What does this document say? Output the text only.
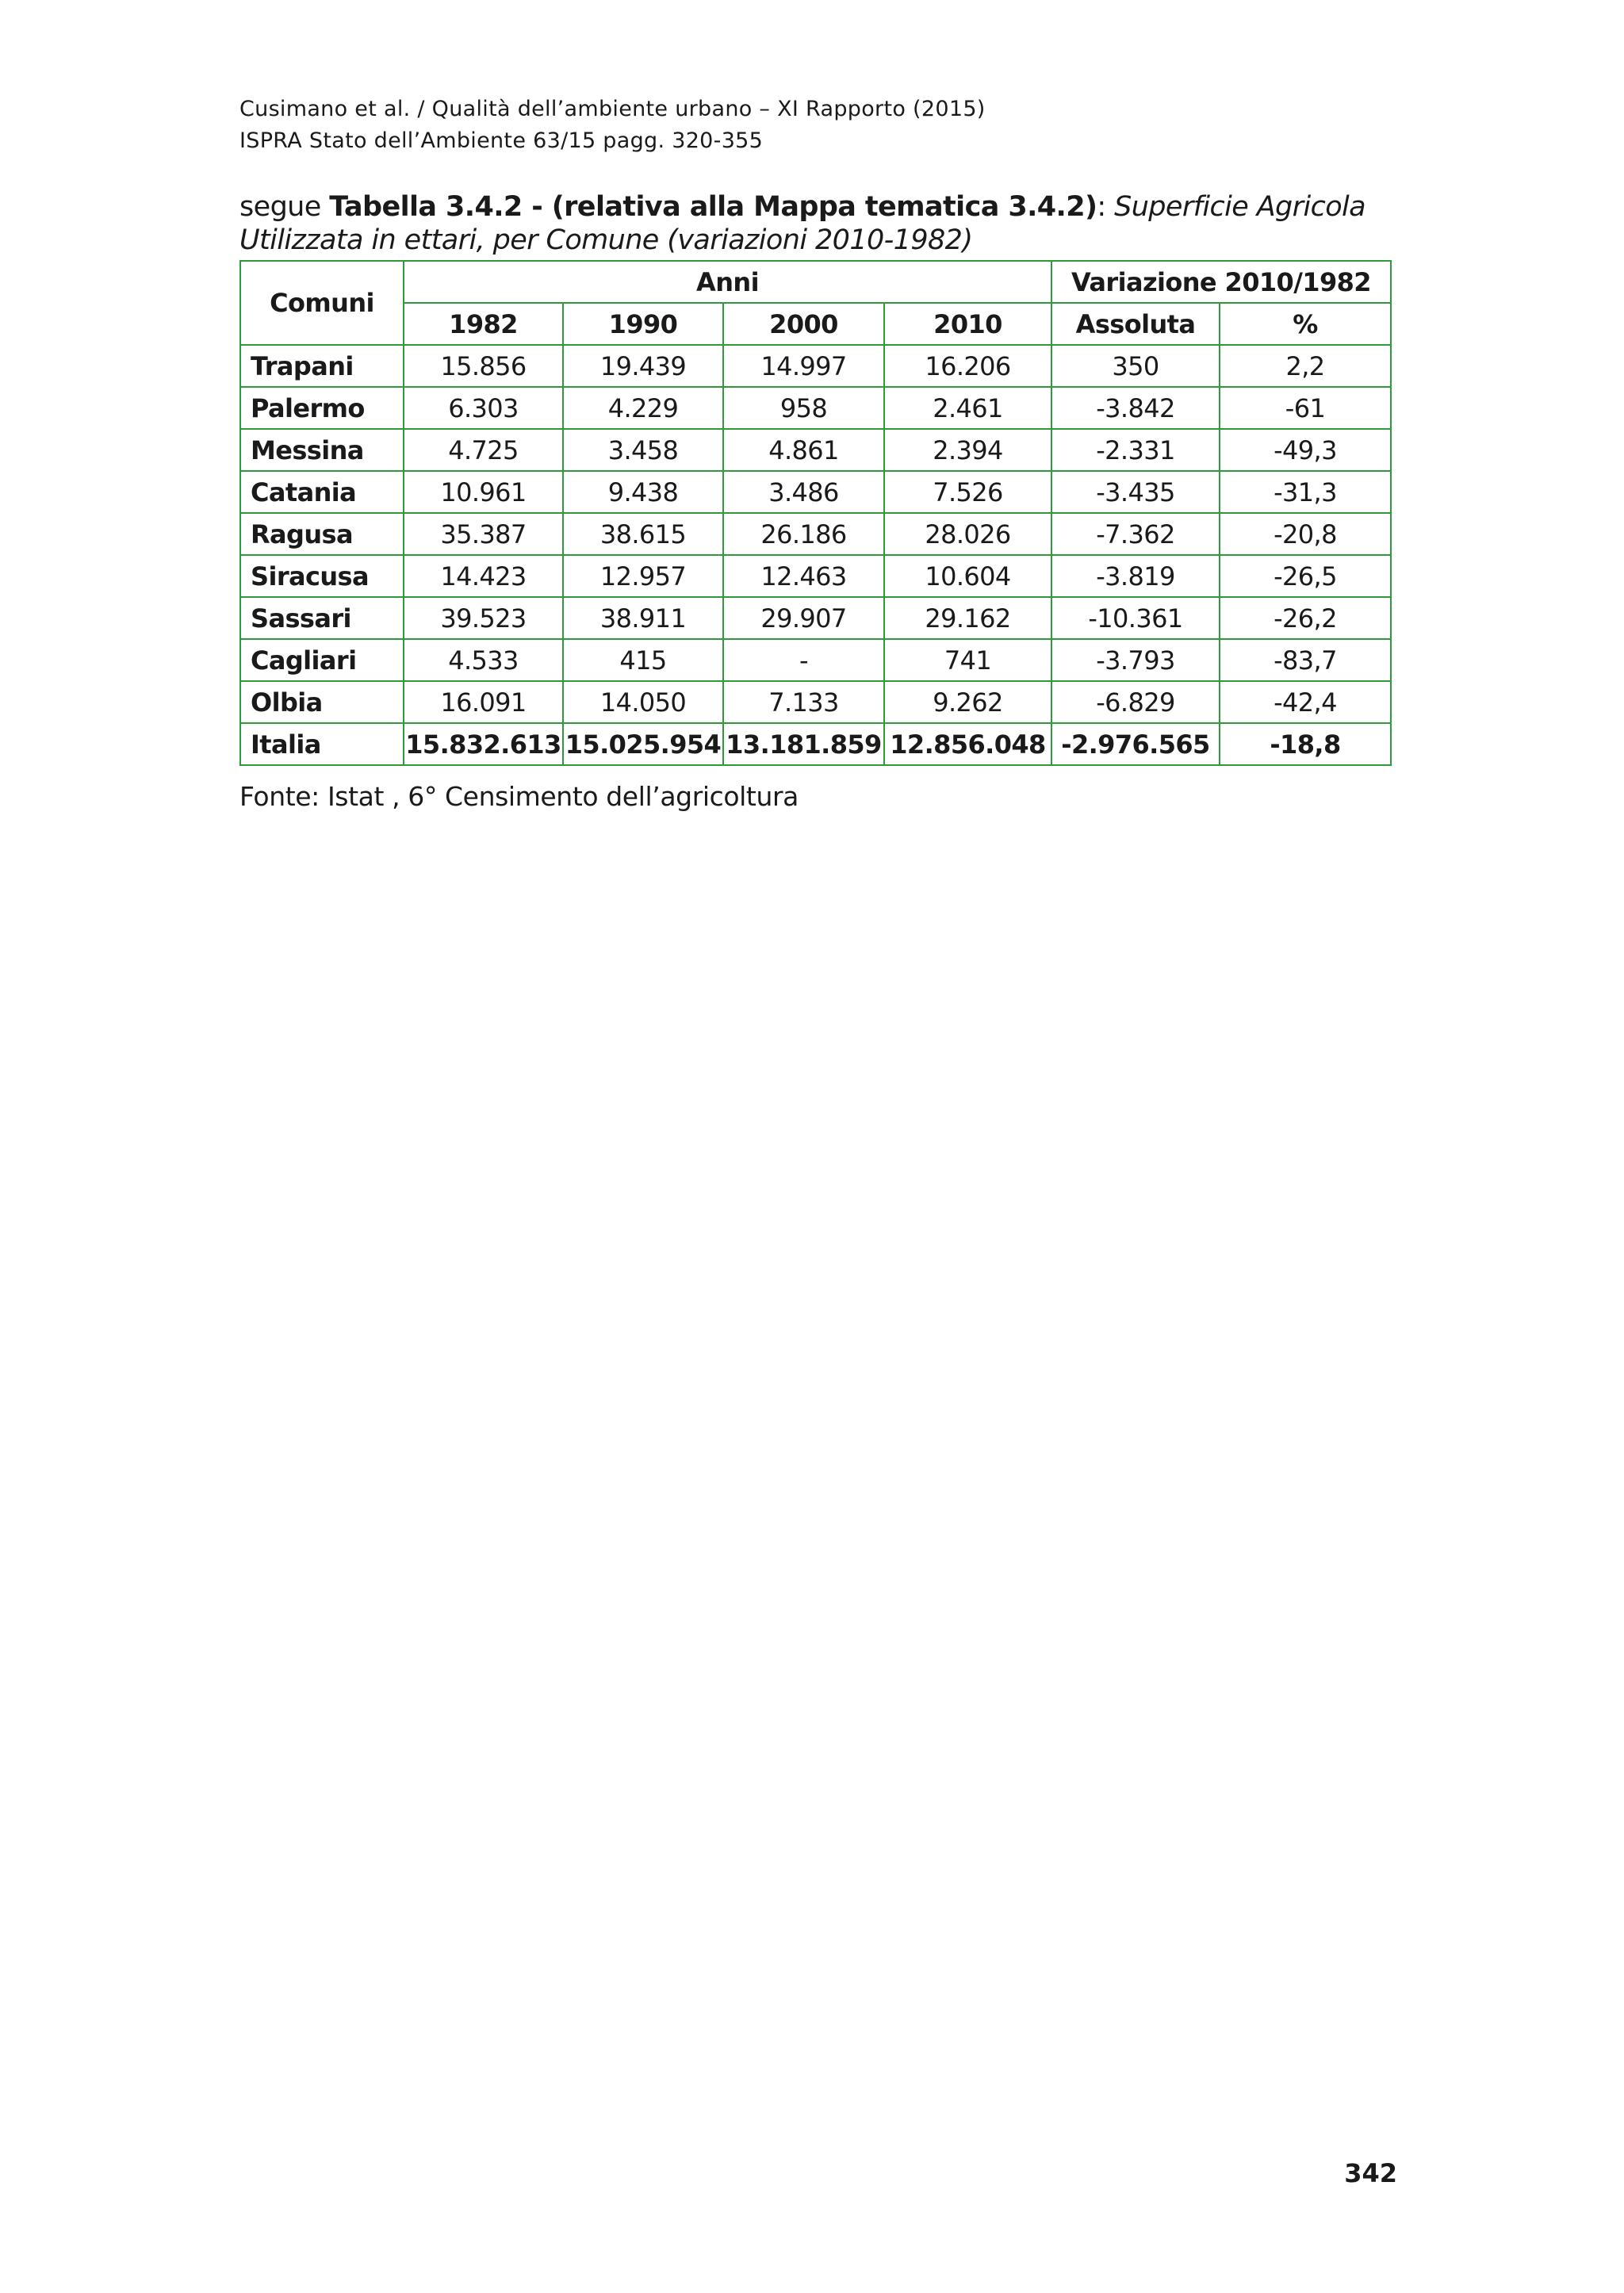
Cusimano et al. / Qualità dell’ambiente urbano – XI Rapporto (2015)
ISPRA Stato dell’Ambiente 63/15 pagg. 320-355
segue Tabella 3.4.2 - (relativa alla Mappa tematica 3.4.2): Superficie Agricola Utilizzata in ettari, per Comune (variazioni 2010-1982)
Comuni	Anni				Variazione 2010/1982	
	1982	1990	2000	2010	Assoluta	%
Trapani	15.856	19.439	14.997	16.206	350	2,2
Palermo	6.303	4.229	958	2.461	-3.842	-61
Messina	4.725	3.458	4.861	2.394	-2.331	-49,3
Catania	10.961	9.438	3.486	7.526	-3.435	-31,3
Ragusa	35.387	38.615	26.186	28.026	-7.362	-20,8
Siracusa	14.423	12.957	12.463	10.604	-3.819	-26,5
Sassari	39.523	38.911	29.907	29.162	-10.361	-26,2
Cagliari	4.533	415	-	741	-3.793	-83,7
Olbia	16.091	14.050	7.133	9.262	-6.829	-42,4
Italia	15.832.613	15.025.954	13.181.859	12.856.048	-2.976.565	-18,8
Fonte: Istat , 6° Censimento dell’agricoltura
342
